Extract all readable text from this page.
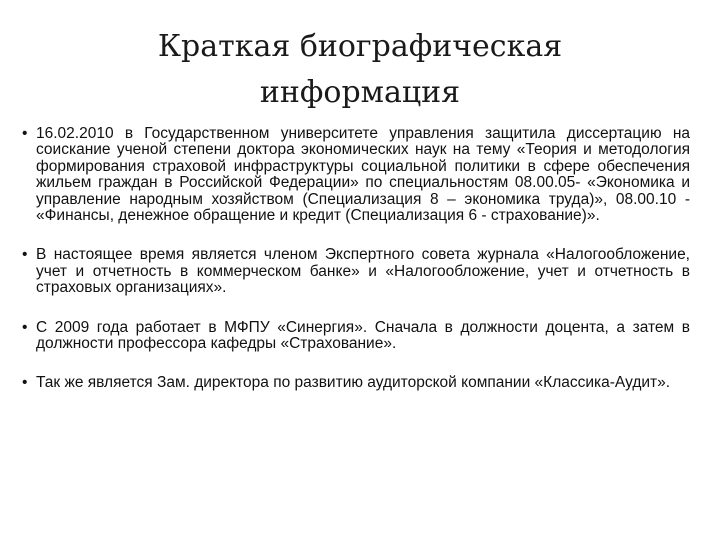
Краткая биографическая
информация
• 16.02.2010 в Государственном университете управления защитила диссертацию на соискание ученой степени доктора экономических наук на тему «Теория и методология формирования страховой инфраструктуры социальной политики в сфере обеспечения жильем граждан в Российской Федерации» по специальностям 08.00.05- «Экономика и управление народным хозяйством (Специализация 8 – экономика труда)», 08.00.10 - «Финансы, денежное обращение и кредит (Специализация 6 - страхование)».
• В настоящее время является членом Экспертного совета журнала «Налогообложение, учет и отчетность в коммерческом банке» и «Налогообложение, учет и отчетность в страховых организациях».
• С 2009 года работает в МФПУ «Синергия». Сначала в должности доцента, а затем в должности профессора кафедры «Страхование».
• Так же является Зам. директора по развитию аудиторской компании «Классика-Аудит».
